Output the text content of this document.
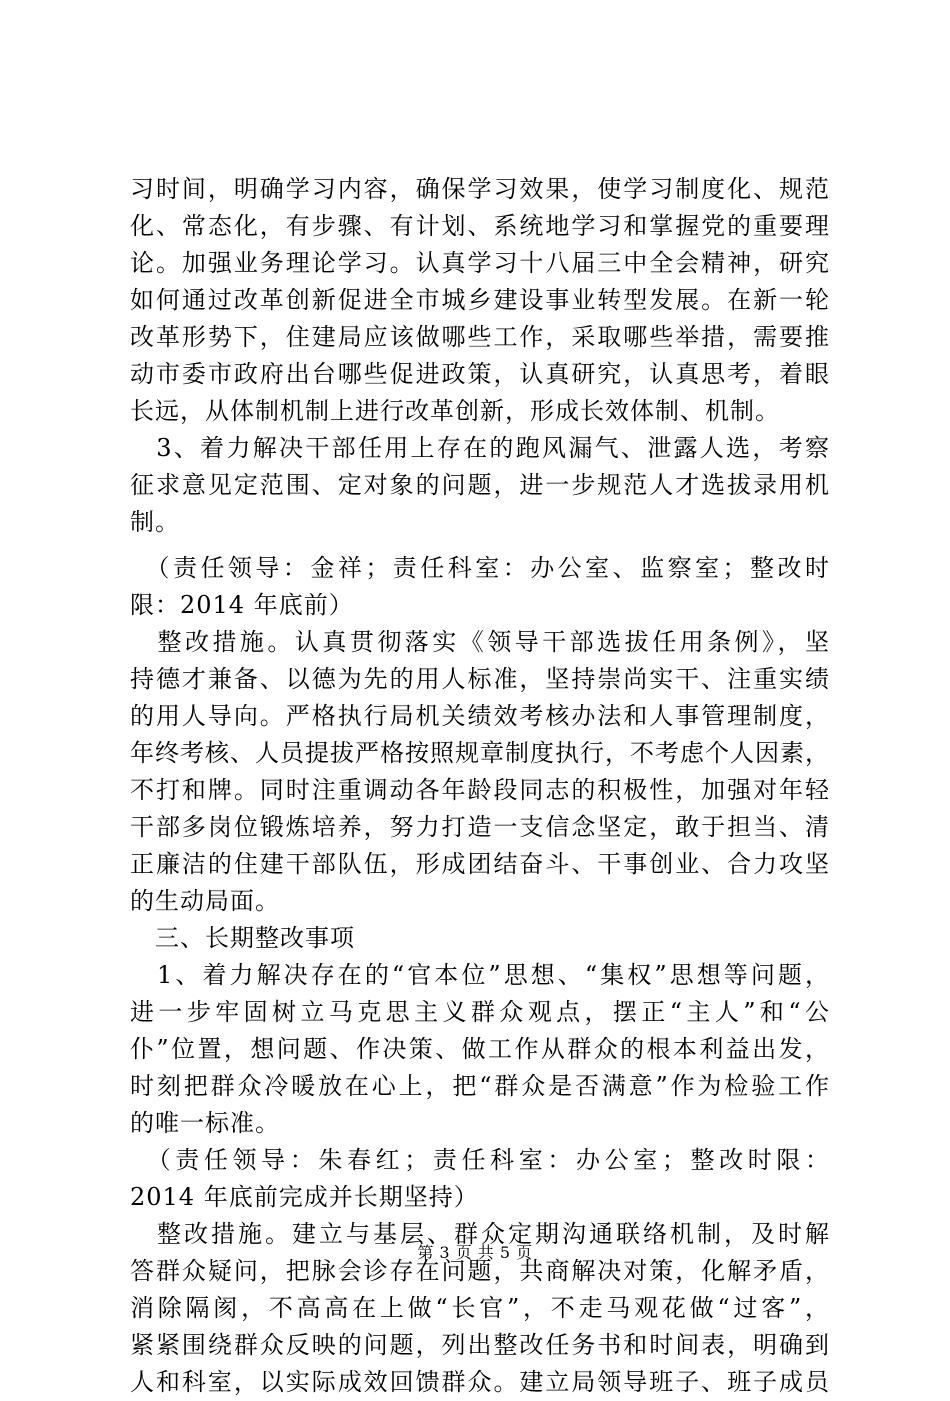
习时间，明确学习内容，确保学习效果，使学习制度化、规范

化、常态化，有步骤、有计划、系统地学习和掌握党的重要理

论。加强业务理论学习。认真学习十八届三中全会精神，研究

如何通过改革创新促进全市城乡建设事业转型发展。在新一轮

改革形势下，住建局应该做哪些工作，采取哪些举措，需要推

动市委市政府出台哪些促进政策，认真研究，认真思考，着眼

长远，从体制机制上进行改革创新，形成长效体制、机制。

　3、着力解决干部任用上存在的跑风漏气、泄露人选，考察

征求意见定范围、定对象的问题，进一步规范人才选拔录用机

制。

　（责任领导：金祥；责任科室：办公室、监察室；整改时

限：2014 年底前）

　整改措施。认真贯彻落实《领导干部选拔任用条例》，坚

持德才兼备、以德为先的用人标准，坚持崇尚实干、注重实绩

的用人导向。严格执行局机关绩效考核办法和人事管理制度，

年终考核、人员提拔严格按照规章制度执行，不考虑个人因素，

不打和牌。同时注重调动各年龄段同志的积极性，加强对年轻

干部多岗位锻炼培养，努力打造一支信念坚定，敢于担当、清

正廉洁的住建干部队伍，形成团结奋斗、干事创业、合力攻坚

的生动局面。

　三、长期整改事项

　1、着力解决存在的“官本位”思想、“集权”思想等问题，

进一步牢固树立马克思主义群众观点，摆正“主人”和“公

仆”位置，想问题、作决策、做工作从群众的根本利益出发，

时刻把群众冷暖放在心上，把“群众是否满意”作为检验工作

的唯一标准。

　（责任领导：朱春红；责任科室：办公室；整改时限：

2014 年底前完成并长期坚持）

　整改措施。建立与基层、群众定期沟通联络机制，及时解

答群众疑问，把脉会诊存在问题，共商解决对策，化解矛盾，

消除隔阂，不高高在上做“长官”，不走马观花做“过客”，

紧紧围绕群众反映的问题，列出整改任务书和时间表，明确到

人和科室，以实际成效回馈群众。建立局领导班子、班子成员

第 3 页 共 5 页
